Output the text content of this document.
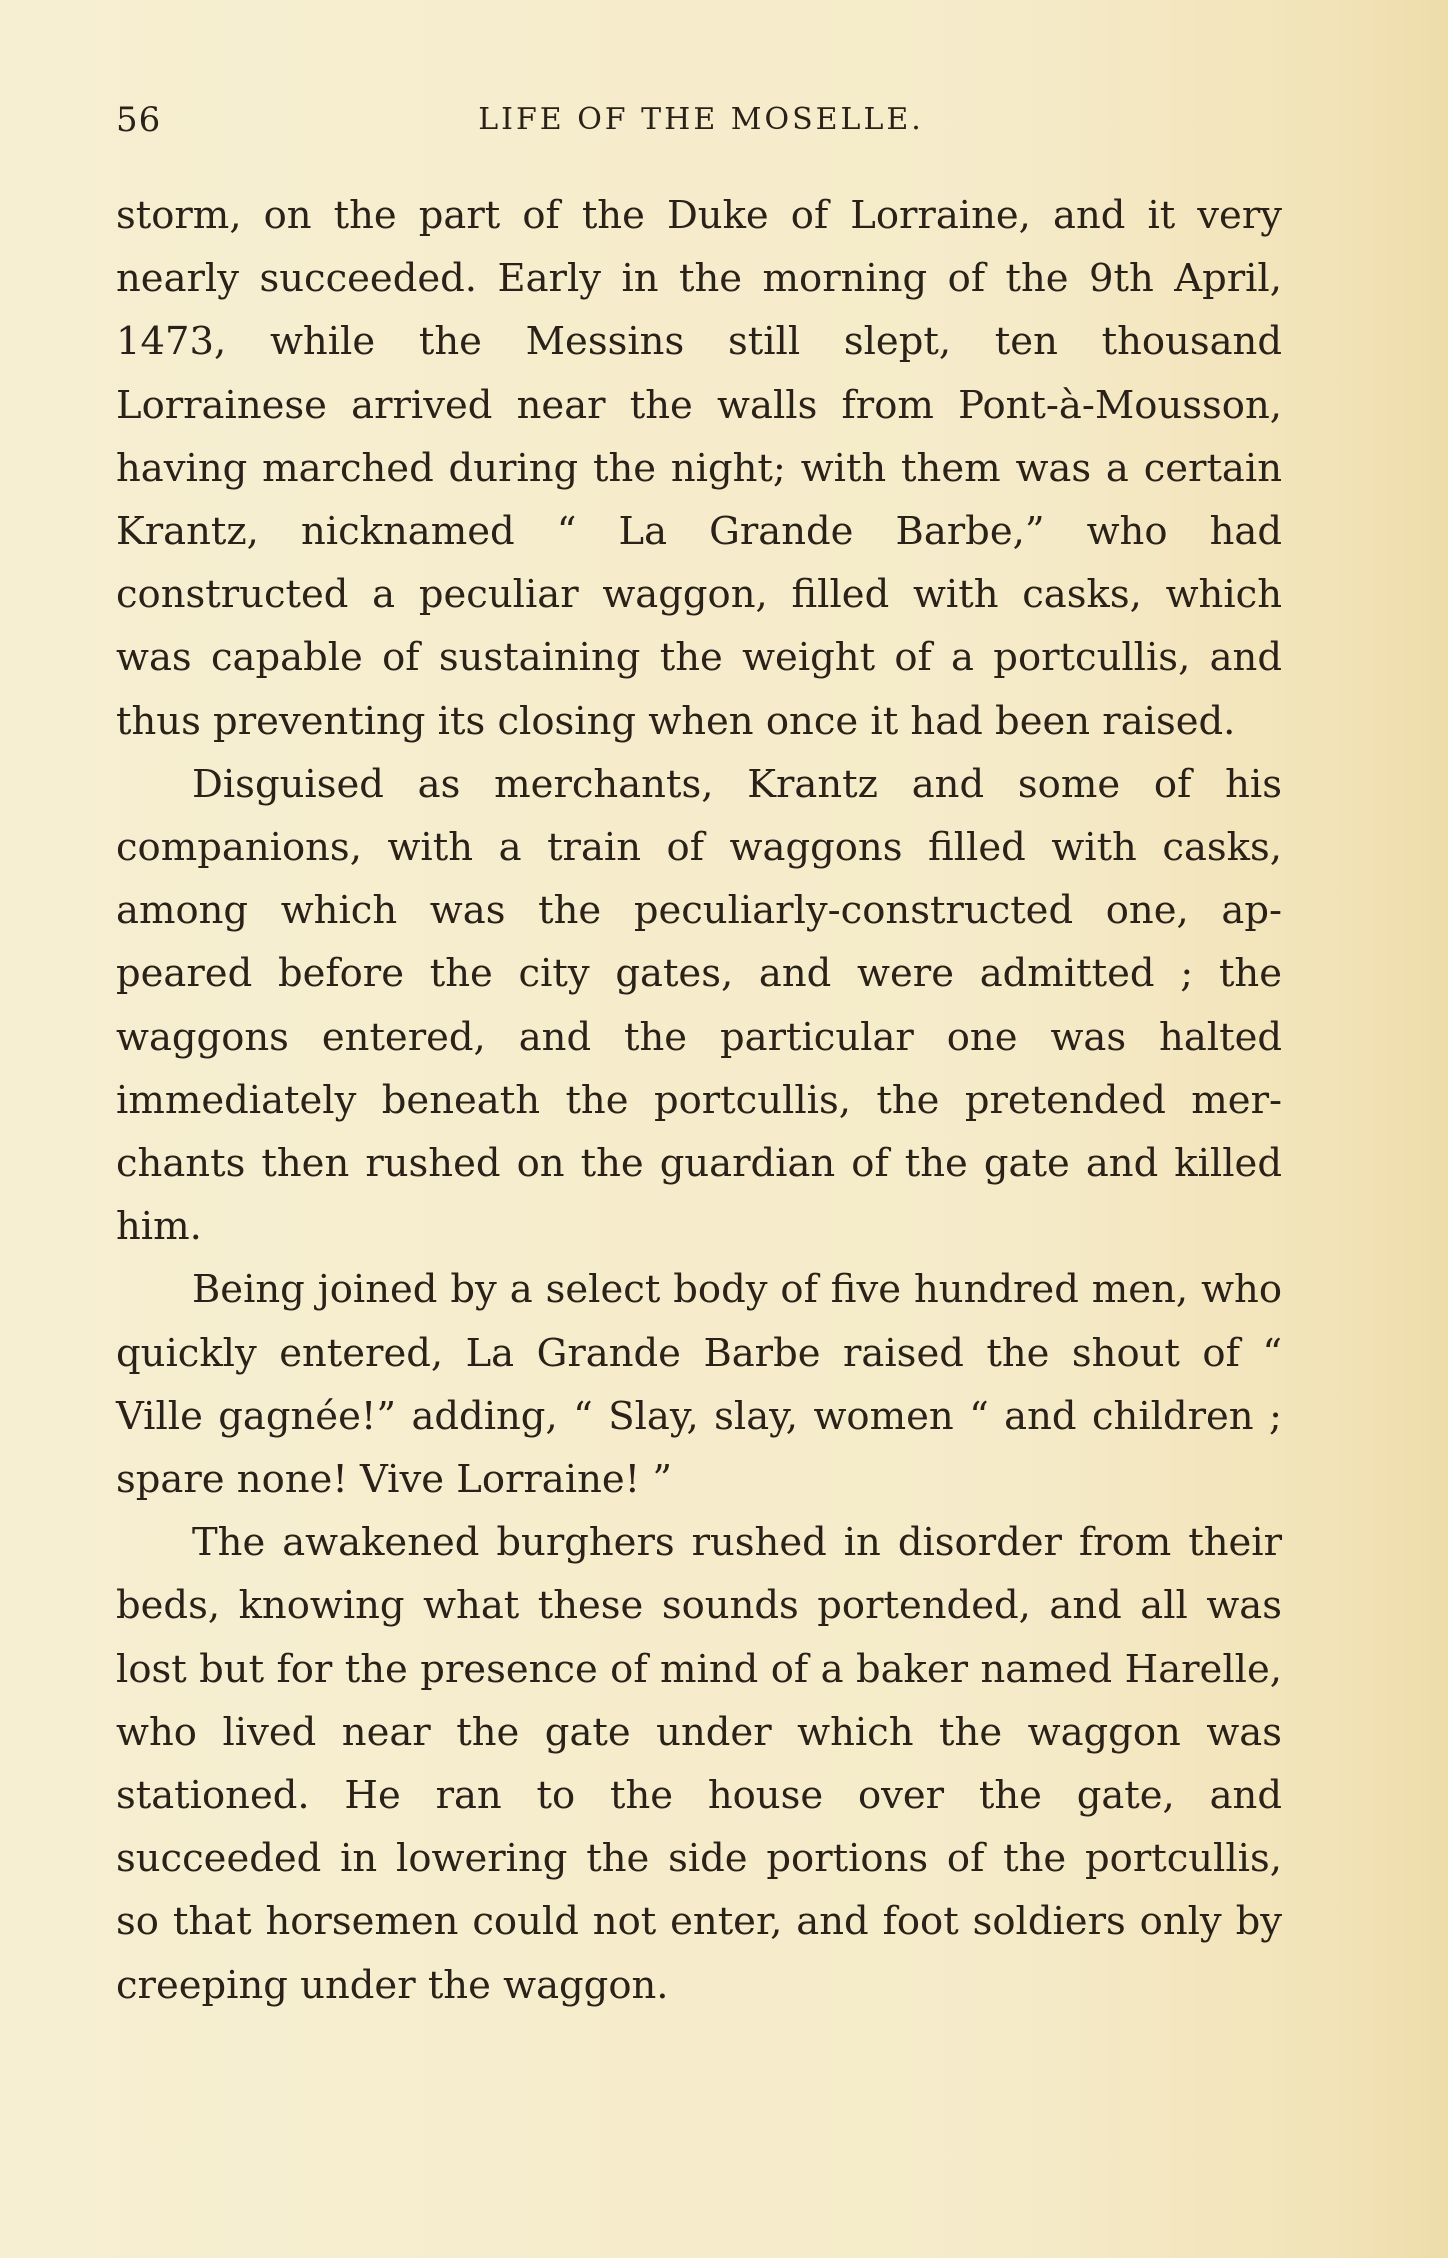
56	LIFE OF THE MOSELLE.

storm, on the part of the Duke of Lorraine, and it very nearly succeeded. Early in the morning of the 9th April, 1473, while the Messins still slept, ten thousand Lorrainese arrived near the walls from Pont-à-Mousson, having marched during the night; with them was a certain Krantz, nicknamed “ La Grande Barbe,” who had constructed a peculiar waggon, filled with casks, which was capable of sustaining the weight of a portcullis, and thus preventing its closing when once it had been raised.

Disguised as merchants, Krantz and some of his companions, with a train of waggons filled with casks, among which was the peculiarly-constructed one, appeared before the city gates, and were admitted ; the waggons entered, and the particular one was halted immediately beneath the portcullis, the pretended merchants then rushed on the guardian of the gate and killed him.

Being joined by a select body of five hundred men, who quickly entered, La Grande Barbe raised the shout of “ Ville gagnée!” adding, “ Slay, slay, women “ and children ; spare none! Vive Lorraine! ”

The awakened burghers rushed in disorder from their beds, knowing what these sounds portended, and all was lost but for the presence of mind of a baker named Harelle, who lived near the gate under which the waggon was stationed. He ran to the house over the gate, and succeeded in lowering the side portions of the portcullis, so that horsemen could not enter, and foot soldiers only by creeping under the waggon.
